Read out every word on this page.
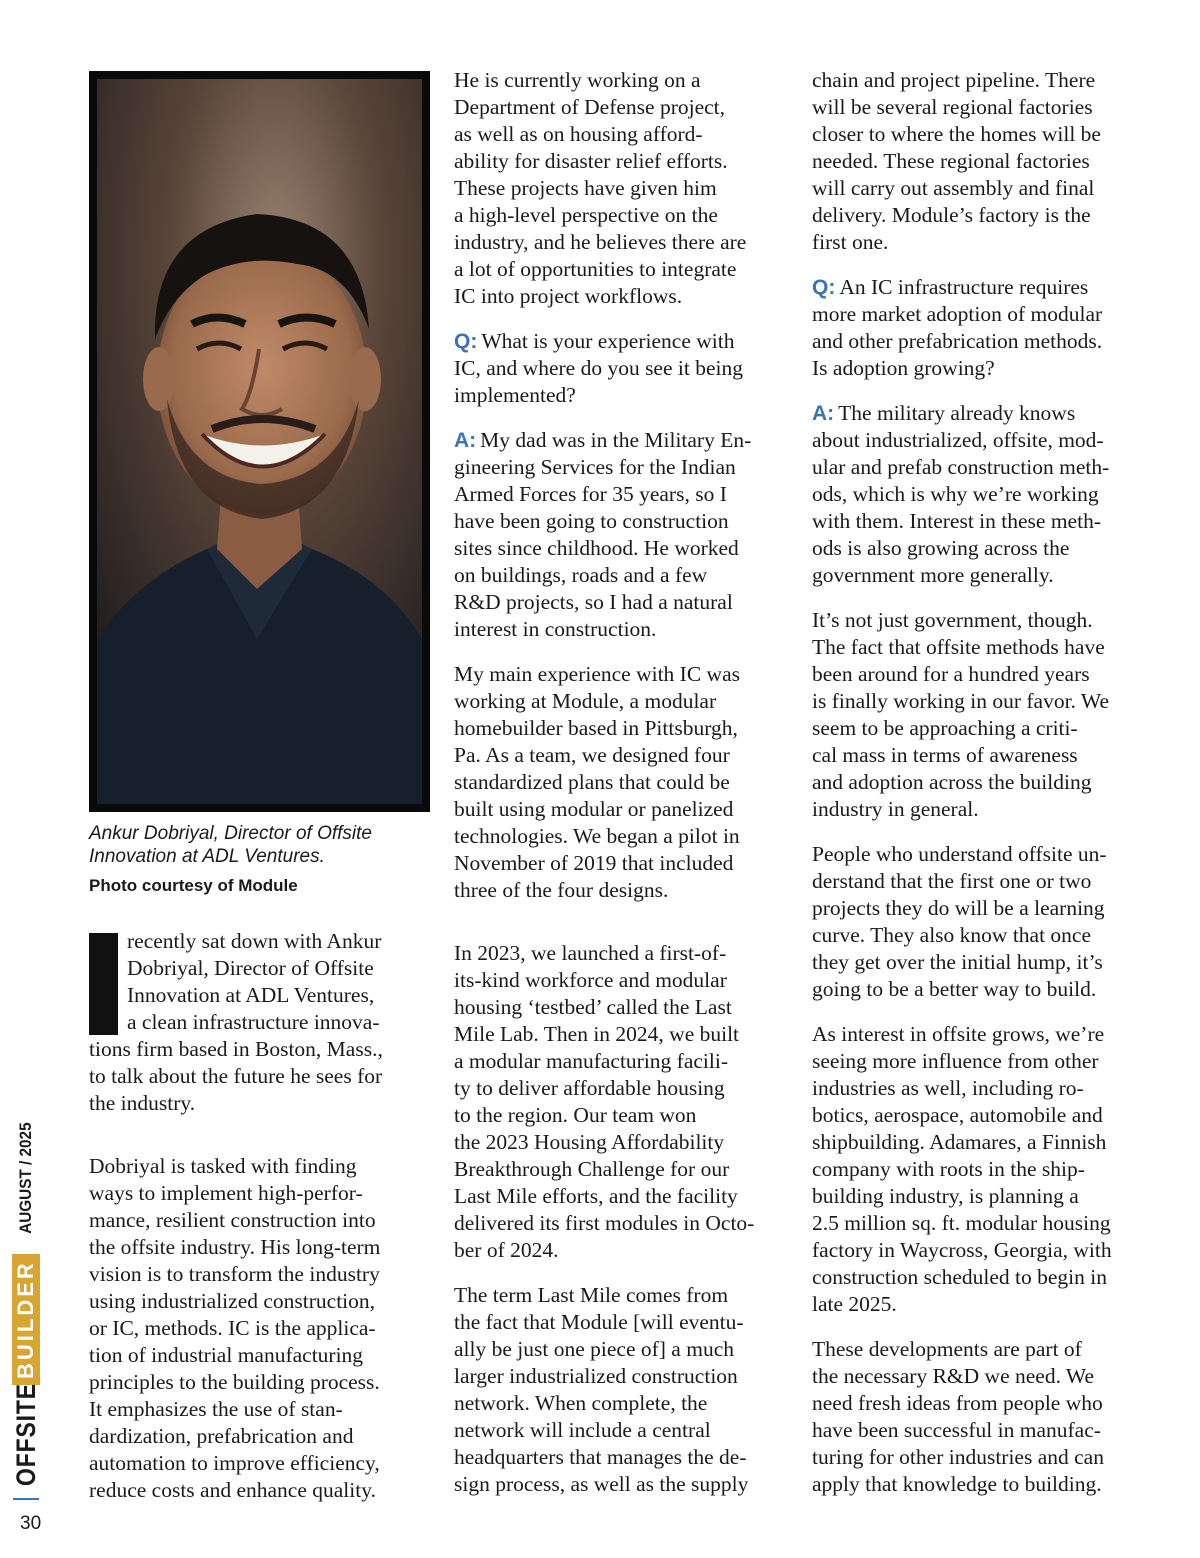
Ankur Dobriyal, Director of Offsite Innovation at ADL Ventures.
Photo courtesy of Module
recently sat down with Ankur
Dobriyal, Director of Offsite
Innovation at ADL Ventures,
a clean infrastructure innova-

tions firm based in Boston, Mass.,
to talk about the future he sees for
the industry.

Dobriyal is tasked with finding
ways to implement high-perfor-
mance, resilient construction into
the offsite industry. His long-term
vision is to transform the industry
using industrialized construction,
or IC, methods. IC is the applica-
tion of industrial manufacturing
principles to the building process.
It emphasizes the use of stan-
dardization, prefabrication and
automation to improve efficiency,
reduce costs and enhance quality.

He is currently working on a
Department of Defense project,
as well as on housing afford-
ability for disaster relief efforts.
These projects have given him
a high-level perspective on the
industry, and he believes there are
a lot of opportunities to integrate
IC into project workflows.

Q: What is your experience with
IC, and where do you see it being
implemented?

A: My dad was in the Military En-
gineering Services for the Indian
Armed Forces for 35 years, so I
have been going to construction
sites since childhood. He worked
on buildings, roads and a few
R&D projects, so I had a natural
interest in construction.

My main experience with IC was
working at Module, a modular
homebuilder based in Pittsburgh,
Pa. As a team, we designed four
standardized plans that could be
built using modular or panelized
technologies. We began a pilot in
November of 2019 that included
three of the four designs.

In 2023, we launched a first-of-
its-kind workforce and modular
housing ‘testbed’ called the Last
Mile Lab. Then in 2024, we built
a modular manufacturing facili-
ty to deliver affordable housing
to the region. Our team won
the 2023 Housing Affordability
Breakthrough Challenge for our
Last Mile efforts, and the facility
delivered its first modules in Octo-
ber of 2024.

The term Last Mile comes from
the fact that Module [will eventu-
ally be just one piece of] a much
larger industrialized construction
network. When complete, the
network will include a central
headquarters that manages the de-
sign process, as well as the supply

chain and project pipeline. There
will be several regional factories
closer to where the homes will be
needed. These regional factories
will carry out assembly and final
delivery. Module’s factory is the
first one.

Q: An IC infrastructure requires
more market adoption of modular
and other prefabrication methods.
Is adoption growing?

A: The military already knows
about industrialized, offsite, mod-
ular and prefab construction meth-
ods, which is why we’re working
with them. Interest in these meth-
ods is also growing across the
government more generally.

It’s not just government, though.
The fact that offsite methods have
been around for a hundred years
is finally working in our favor. We
seem to be approaching a criti-
cal mass in terms of awareness
and adoption across the building
industry in general.

People who understand offsite un-
derstand that the first one or two
projects they do will be a learning
curve. They also know that once
they get over the initial hump, it’s
going to be a better way to build.

As interest in offsite grows, we’re
seeing more influence from other
industries as well, including ro-
botics, aerospace, automobile and
shipbuilding. Adamares, a Finnish
company with roots in the ship-
building industry, is planning a
2.5 million sq. ft. modular housing
factory in Waycross, Georgia, with
construction scheduled to begin in
late 2025.

These developments are part of
the necessary R&D we need. We
need fresh ideas from people who
have been successful in manufac-
turing for other industries and can
apply that knowledge to building.

OFFSITE
BUILDER
AUGUST / 2025
30
